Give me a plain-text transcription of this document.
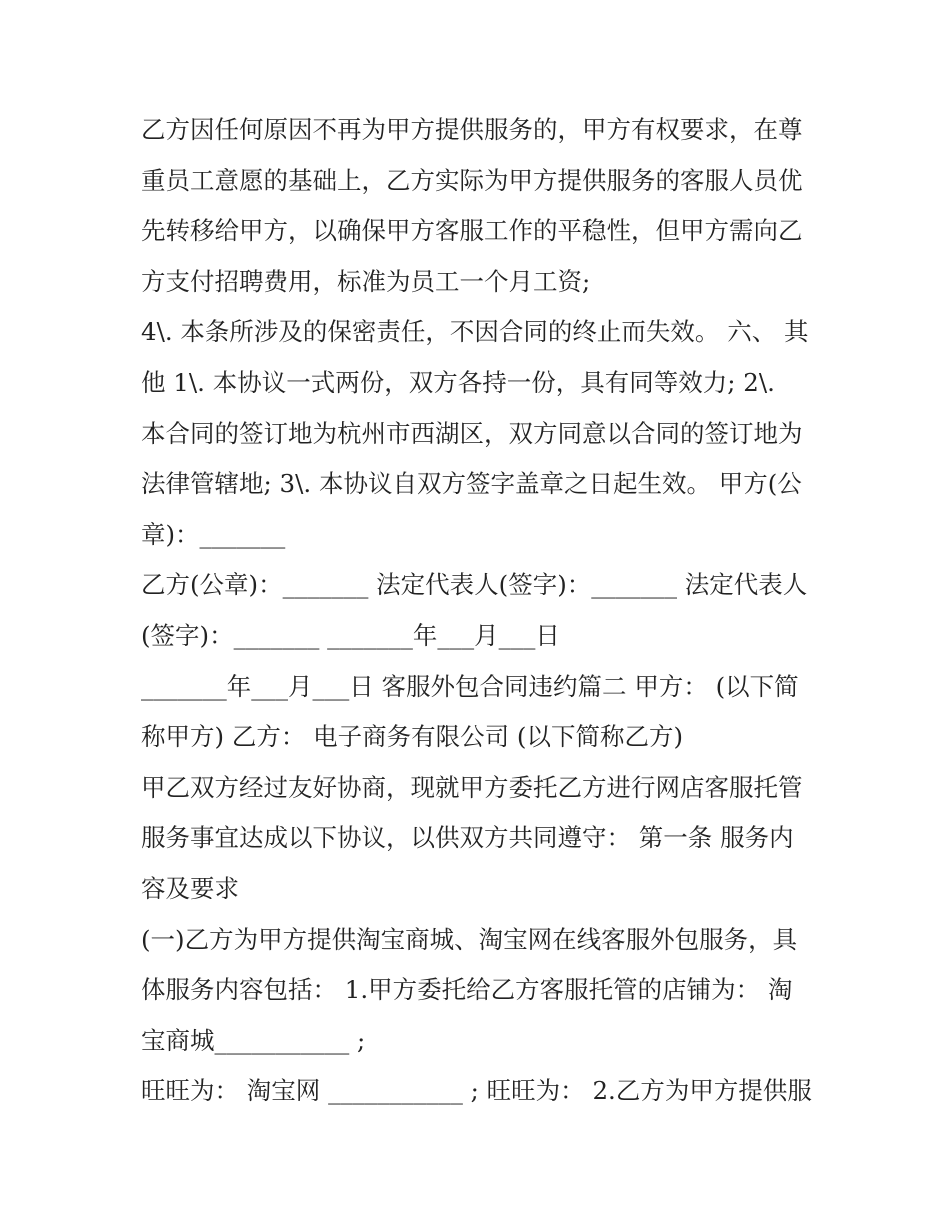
乙方因任何原因不再为甲方提供服务的，甲方有权要求，在尊
重员工意愿的基础上，乙方实际为甲方提供服务的客服人员优
先转移给甲方，以确保甲方客服工作的平稳性，但甲方需向乙
方支付招聘费用，标准为员工一个月工资;
4\. 本条所涉及的保密责任，不因合同的终止而失效。 六、 其
他 1\. 本协议一式两份，双方各持一份，具有同等效力; 2\.
本合同的签订地为杭州市西湖区，双方同意以合同的签订地为
法律管辖地; 3\. 本协议自双方签字盖章之日起生效。 甲方(公
章)：_______
乙方(公章)：_______ 法定代表人(签字)：_______ 法定代表人
(签字)：_______ _______年___月___日
_______年___月___日 客服外包合同违约篇二 甲方： (以下简
称甲方) 乙方： 电子商务有限公司 (以下简称乙方)
甲乙双方经过友好协商，现就甲方委托乙方进行网店客服托管
服务事宜达成以下协议，以供双方共同遵守： 第一条 服务内
容及要求
(一)乙方为甲方提供淘宝商城、淘宝网在线客服外包服务，具
体服务内容包括： 1.甲方委托给乙方客服托管的店铺为： 淘
宝商城___________ ;
旺旺为： 淘宝网 ___________ ; 旺旺为： 2.乙方为甲方提供服
